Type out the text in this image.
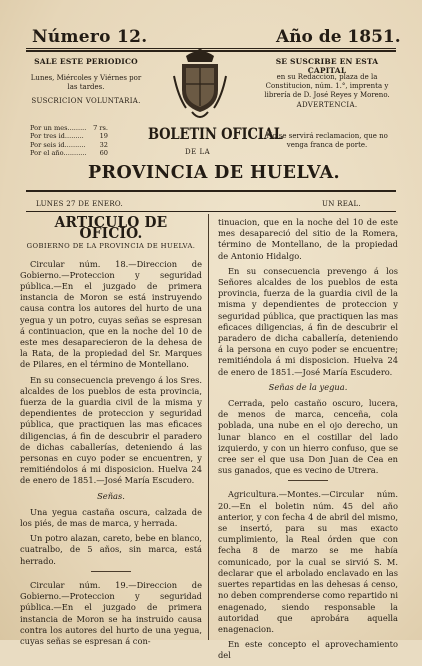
Número 12.	Año de 1851.
SALE ESTE PERIODICO
Lunes, Miércoles y Viérnes por las tardes.
SUSCRICION VOLUNTARIA.
Por un mes......... 7 rs.
Por tres id......... 19
Por seis id.......... 32
Por el año........... 60
SE SUSCRIBE EN ESTA CAPITAL
en su Redaccion, plaza de la Constitucion, núm. 1.°, imprenta y librería de D. José Reyes y Moreno.
ADVERTENCIA.
No se servirá reclamacion, que no venga franca de porte.
BOLETIN OFICIAL
DE LA
PROVINCIA DE HUELVA.
LUNES 27 DE ENERO.	UN REAL.
ARTICULO DE OFICIO.
GOBIERNO DE LA PROVINCIA DE HUELVA.

Circular núm. 18.—Direccion de Gobierno.—Proteccion y seguridad pública.—En el juzgado de primera instancia de Moron se está instruyendo causa contra los autores del hurto de una yegua y un potro, cuyas señas se espresan á continuacion, que en la noche del 10 de este mes desaparecieron de la dehesa de la Rata, de la propiedad del Sr. Marques de Pilares, en el término de Montellano.

En su consecuencia prevengo á los Sres. alcaldes de los pueblos de esta provincia, fuerza de la guardia civil de la misma y dependientes de proteccion y seguridad pública, que practiquen las mas eficaces diligencias, á fin de descubrir el paradero de dichas caballerías, deteniendo á las personas en cuyo poder se encuentren, y remitiéndolos á mi disposicion. Huelva 24 de enero de 1851.—José María Escudero.

Señas.

Una yegua castaña oscura, calzada de los piés, de mas de marca, y herrada.

Un potro alazan, careto, bebe en blanco, cuatralbo, de 5 años, sin marca, está herrado.

Circular núm. 19.—Direccion de Gobierno.—Proteccion y seguridad pública.—En el juzgado de primera instancia de Moron se ha instruido causa contra los autores del hurto de una yegua, cuyas señas se espresan á con-

tinuacion, que en la noche del 10 de este mes desapareció del sitio de la Romera, término de Montellano, de la propiedad de Antonio Hidalgo.

En su consecuencia prevengo á los Señores alcaldes de los pueblos de esta provincia, fuerza de la guardia civil de la misma y dependientes de proteccion y seguridad pública, que practiquen las mas eficaces diligencias, á fin de descubrir el paradero de dicha caballería, deteniendo á la persona en cuyo poder se encuentre; remitiéndola á mi disposicion. Huelva 24 de enero de 1851.—José María Escudero.

Señas de la yegua.

Cerrada, pelo castaño oscuro, lucera, de menos de marca, cenceña, cola poblada, una nube en el ojo derecho, un lunar blanco en el costillar del lado izquierdo, y con un hierro confuso, que se cree ser el que usa Don Juan de Cea en sus ganados, que es vecino de Utrera.

Agricultura.—Montes.—Circular núm. 20.—En el boletin núm. 45 del año anterior, y con fecha 4 de abril del mismo, se insertó, para su mas exacto cumplimiento, la Real órden que con fecha 8 de marzo se me había comunicado, por la cual se sirvió S. M. declarar que el arbolado enclavado en las suertes repartidas en las dehesas á censo, no deben comprenderse como repartido ni enagenado, siendo responsable la autoridad que aprobára aquella enagenacion.

En este concepto el aprovechamiento del
